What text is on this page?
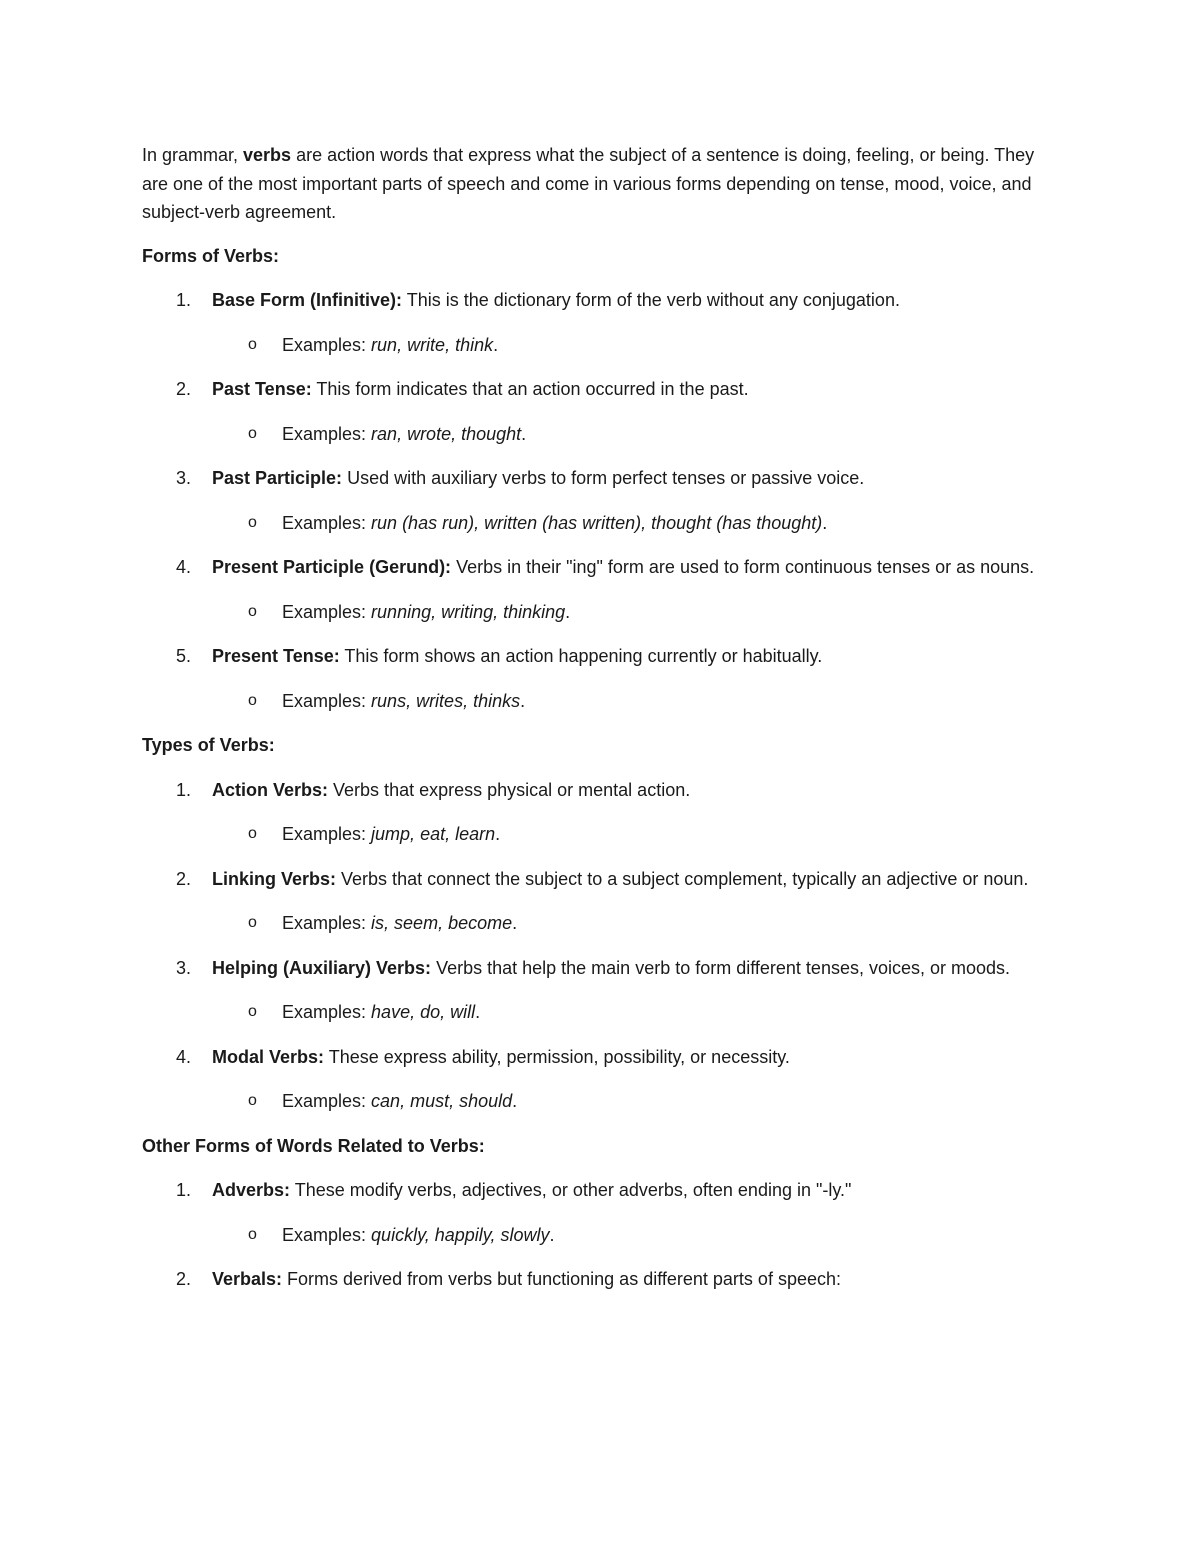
In grammar, verbs are action words that express what the subject of a sentence is doing, feeling, or being. They are one of the most important parts of speech and come in various forms depending on tense, mood, voice, and subject-verb agreement.

Forms of Verbs:

1. Base Form (Infinitive): This is the dictionary form of the verb without any conjugation.
o Examples: run, write, think.
2. Past Tense: This form indicates that an action occurred in the past.
o Examples: ran, wrote, thought.
3. Past Participle: Used with auxiliary verbs to form perfect tenses or passive voice.
o Examples: run (has run), written (has written), thought (has thought).
4. Present Participle (Gerund): Verbs in their "ing" form are used to form continuous tenses or as nouns.
o Examples: running, writing, thinking.
5. Present Tense: This form shows an action happening currently or habitually.
o Examples: runs, writes, thinks.

Types of Verbs:

1. Action Verbs: Verbs that express physical or mental action.
o Examples: jump, eat, learn.
2. Linking Verbs: Verbs that connect the subject to a subject complement, typically an adjective or noun.
o Examples: is, seem, become.
3. Helping (Auxiliary) Verbs: Verbs that help the main verb to form different tenses, voices, or moods.
o Examples: have, do, will.
4. Modal Verbs: These express ability, permission, possibility, or necessity.
o Examples: can, must, should.

Other Forms of Words Related to Verbs:

1. Adverbs: These modify verbs, adjectives, or other adverbs, often ending in "-ly."
o Examples: quickly, happily, slowly.
2. Verbals: Forms derived from verbs but functioning as different parts of speech:
